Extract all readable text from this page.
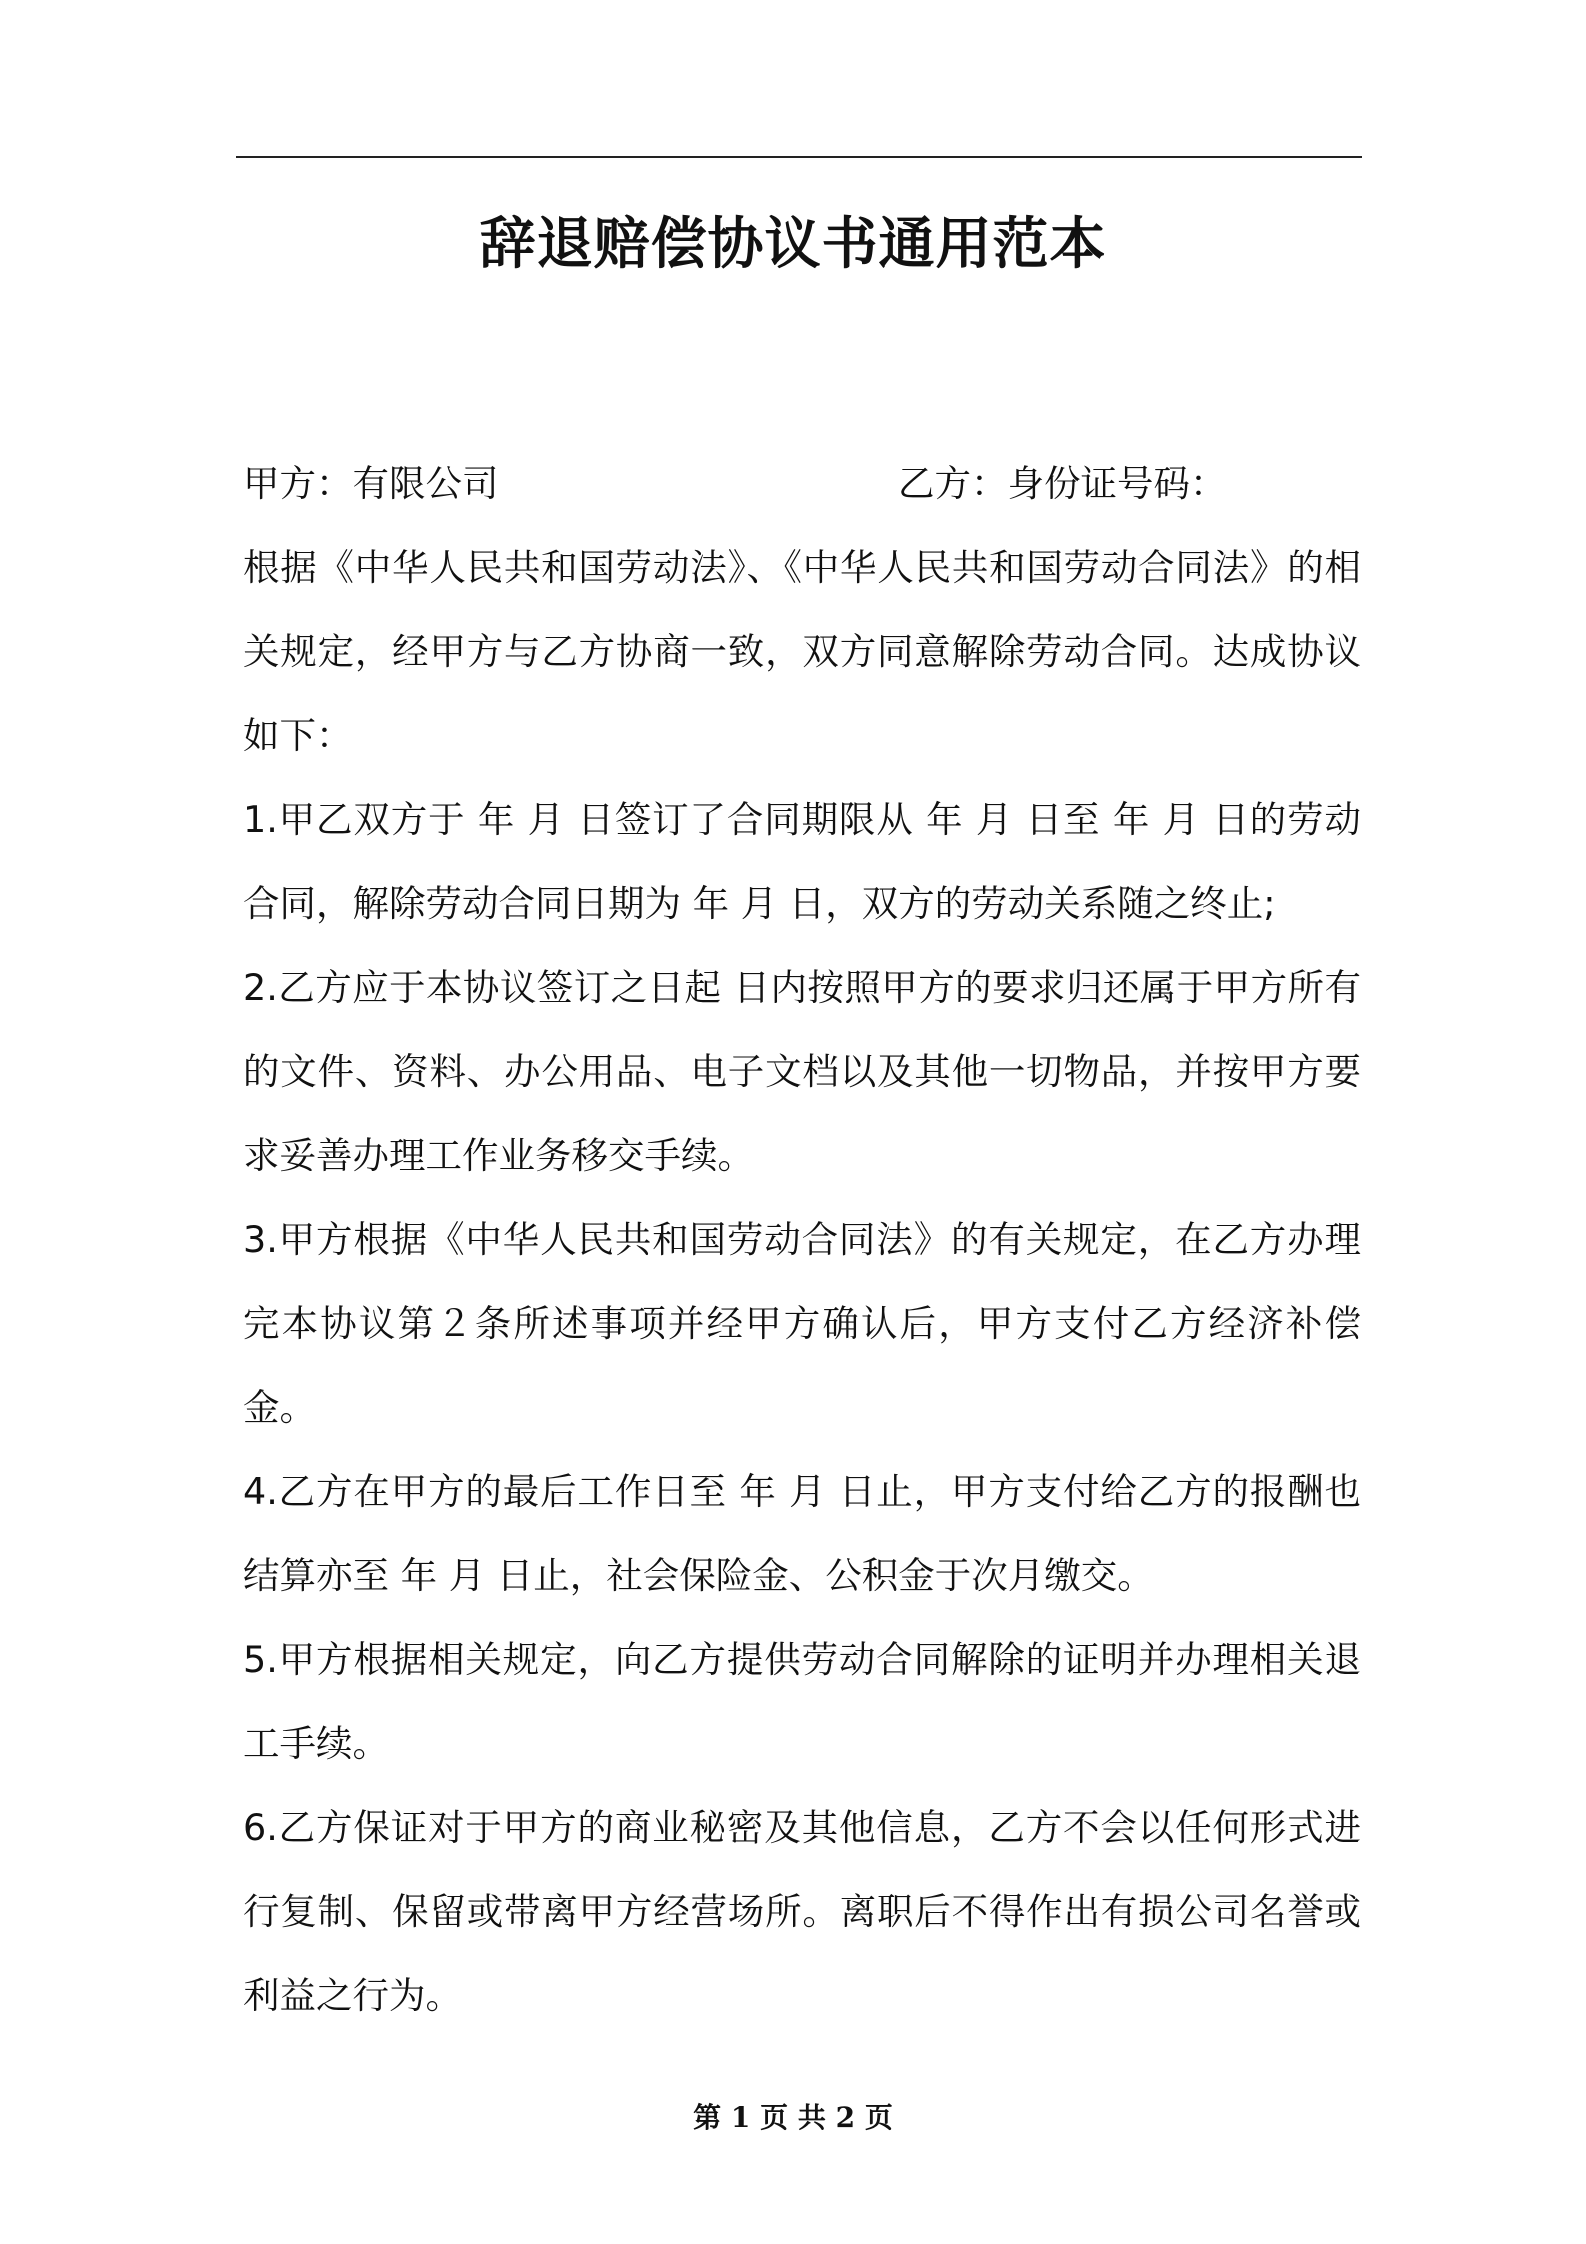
辞退赔偿协议书通用范本
甲方：有限公司	乙方：身份证号码：

根据《中华人民共和国劳动法》、《中华人民共和国劳动合同法》的相关规定，经甲方与乙方协商一致，双方同意解除劳动合同。达成协议如下：

1.甲乙双方于 年 月 日签订了合同期限从 年 月 日至 年 月 日的劳动合同，解除劳动合同日期为 年 月 日，双方的劳动关系随之终止;

2.乙方应于本协议签订之日起 日内按照甲方的要求归还属于甲方所有的文件、资料、办公用品、电子文档以及其他一切物品，并按甲方要求妥善办理工作业务移交手续。

3.甲方根据《中华人民共和国劳动合同法》的有关规定，在乙方办理完本协议第２条所述事项并经甲方确认后，甲方支付乙方经济补偿金。

4.乙方在甲方的最后工作日至 年 月 日止，甲方支付给乙方的报酬也结算亦至 年 月 日止，社会保险金、公积金于次月缴交。

5.甲方根据相关规定，向乙方提供劳动合同解除的证明并办理相关退工手续。

6.乙方保证对于甲方的商业秘密及其他信息，乙方不会以任何形式进行复制、保留或带离甲方经营场所。离职后不得作出有损公司名誉或利益之行为。

第 1 页 共 2 页
